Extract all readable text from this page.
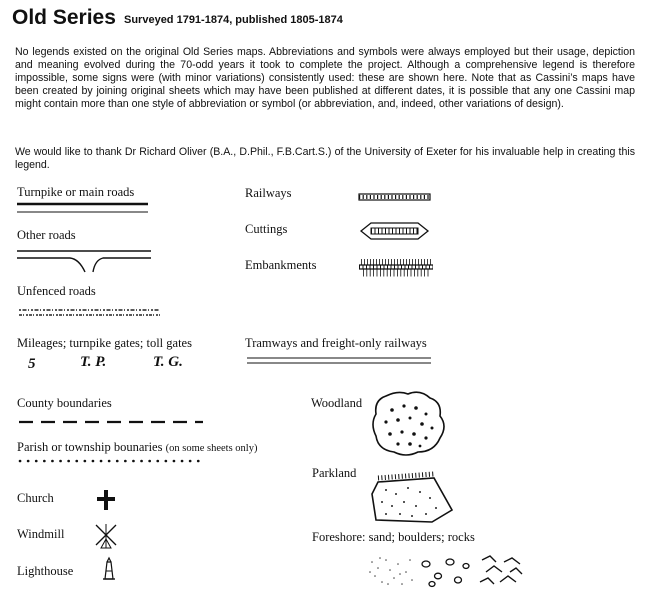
Old Series Surveyed 1791-1874, published 1805-1874

No legends existed on the original Old Series maps. Abbreviations and symbols were always employed but their usage, depiction and meaning evolved during the 70-odd years it took to complete the project. Although a comprehensive legend is therefore impossible, some signs were (with minor variations) consistently used: these are shown here. Note that as Cassini’s maps have been created by joining original sheets which may have been published at different dates, it is possible that any one Cassini map might contain more than one style of abbreviation or symbol (or abbreviation, and, indeed, other variations of design).

We would like to thank Dr Richard Oliver (B.A., D.Phil., F.B.Cart.S.) of the University of Exeter for his invaluable help in creating this legend.

Turnpike or main roads
Other roads
Unfenced roads
Mileages; turnpike gates; toll gates
5	T. P.	T. G.
County boundaries
Parish or township bounaries (on some sheets only)
Church
Windmill
Lighthouse
Railways
Cuttings
Embankments
Tramways and freight-only railways
Woodland
Parkland
Foreshore: sand; boulders; rocks
